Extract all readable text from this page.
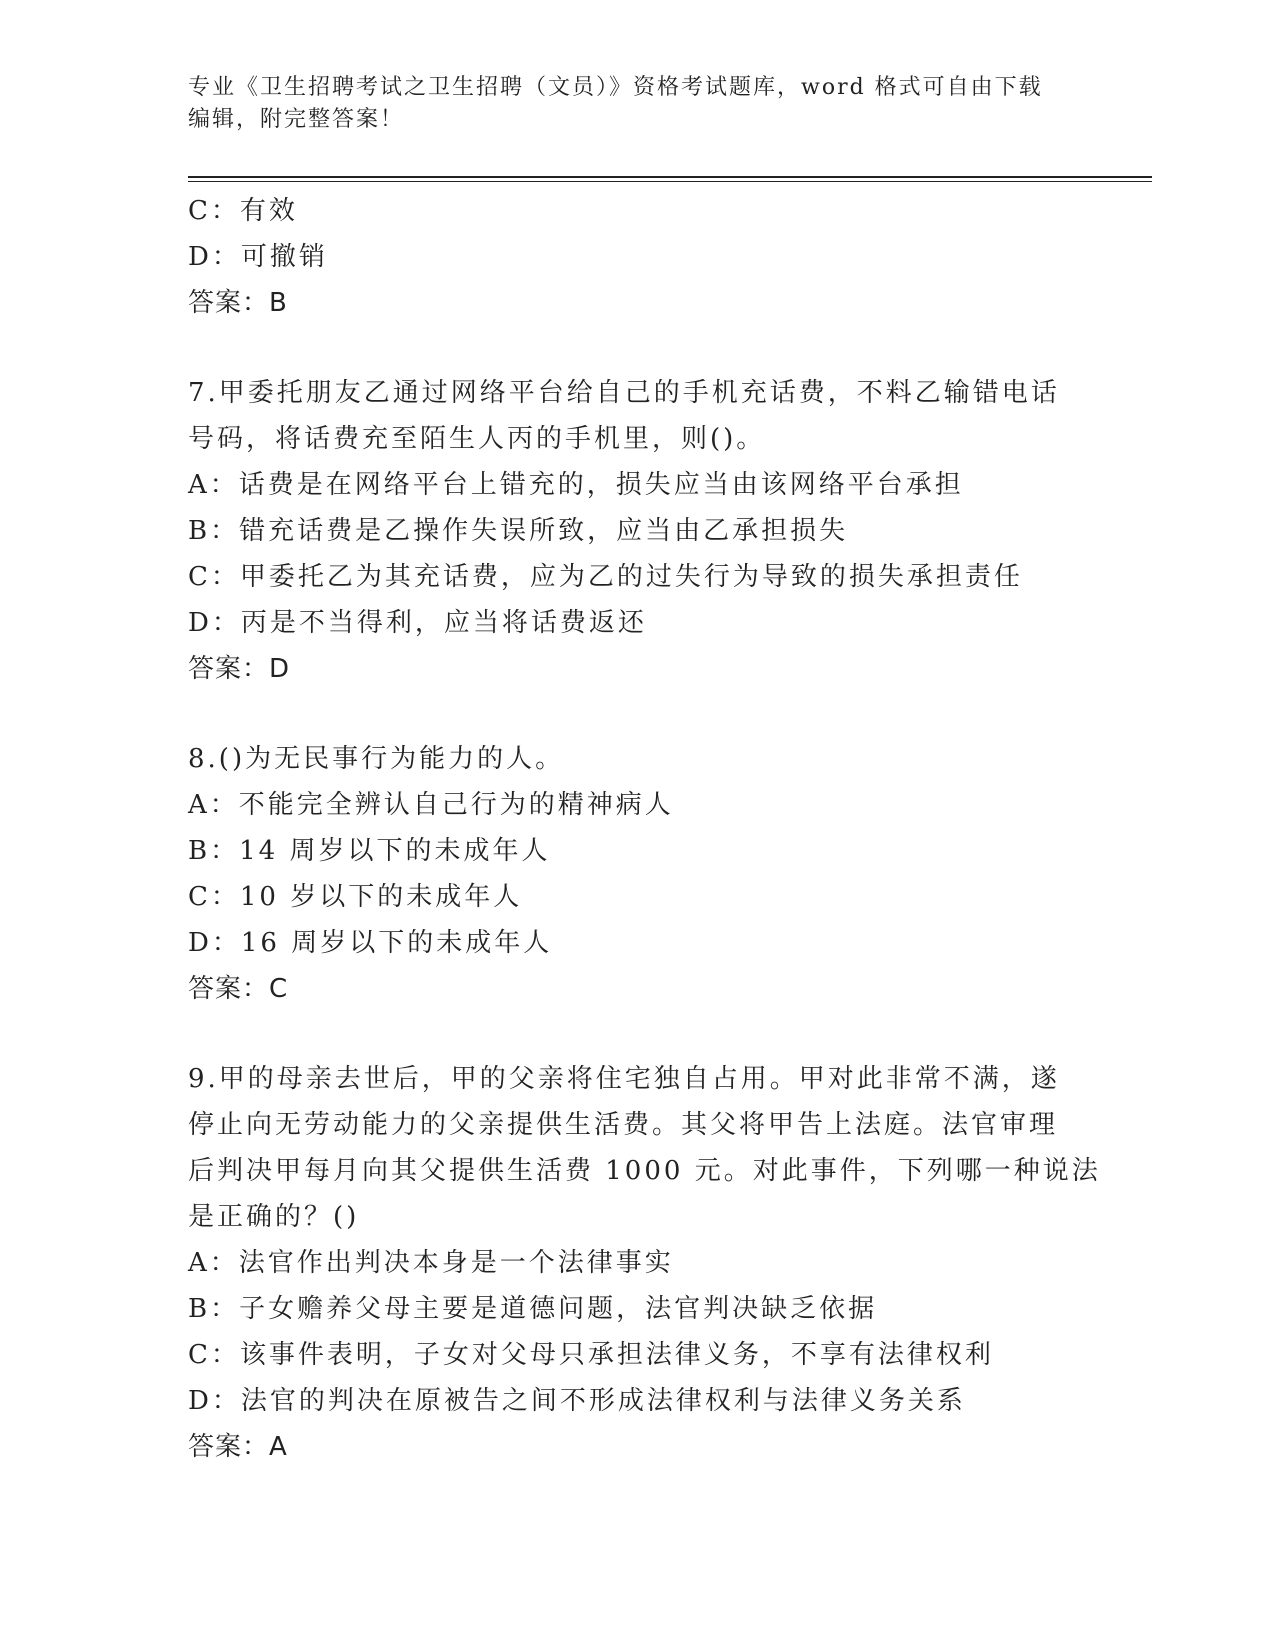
专业《卫生招聘考试之卫生招聘（文员）》资格考试题库，word 格式可自由下载
编辑，附完整答案！
C：有效
D：可撤销
答案：B
7.甲委托朋友乙通过网络平台给自己的手机充话费，不料乙输错电话
号码，将话费充至陌生人丙的手机里，则()。
A：话费是在网络平台上错充的，损失应当由该网络平台承担
B：错充话费是乙操作失误所致，应当由乙承担损失
C：甲委托乙为其充话费，应为乙的过失行为导致的损失承担责任
D：丙是不当得利，应当将话费返还
答案：D
8.()为无民事行为能力的人。
A：不能完全辨认自己行为的精神病人
B：14 周岁以下的未成年人
C：10 岁以下的未成年人
D：16 周岁以下的未成年人
答案：C
9.甲的母亲去世后，甲的父亲将住宅独自占用。甲对此非常不满，遂
停止向无劳动能力的父亲提供生活费。其父将甲告上法庭。法官审理
后判决甲每月向其父提供生活费 1000 元。对此事件，下列哪一种说法
是正确的？()
A：法官作出判决本身是一个法律事实
B：子女赡养父母主要是道德问题，法官判决缺乏依据
C：该事件表明，子女对父母只承担法律义务，不享有法律权利
D：法官的判决在原被告之间不形成法律权利与法律义务关系
答案：A
